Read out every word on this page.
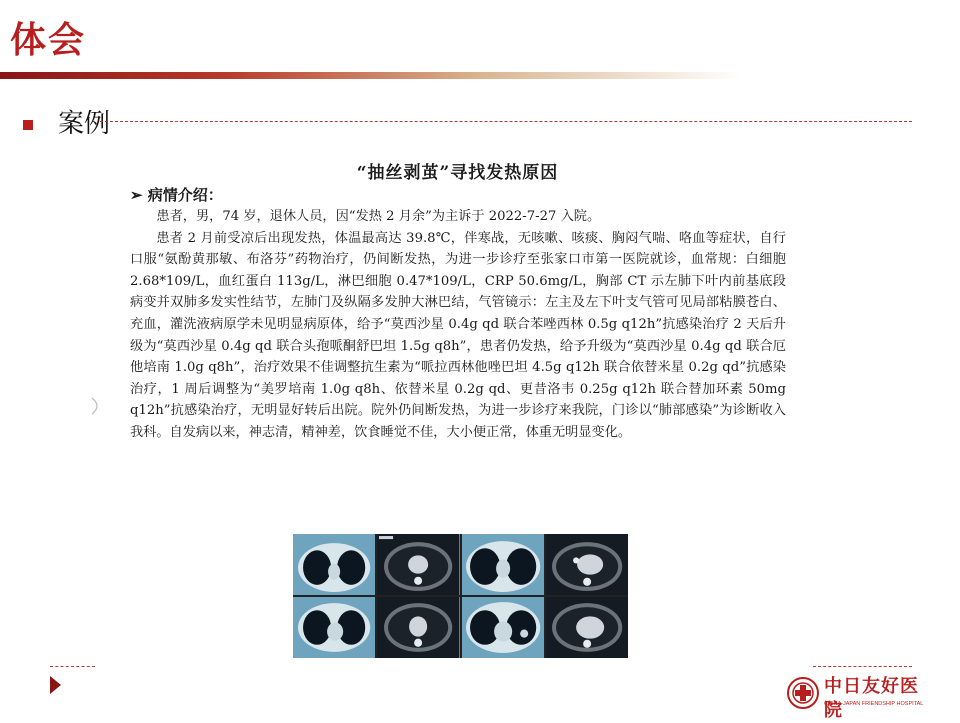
体会
案例
“抽丝剥茧”寻找发热原因
➢ 病情介绍：

患者，男，74 岁，退休人员，因“发热 2 月余”为主诉于 2022-7-27 入院。

患者 2 月前受凉后出现发热，体温最高达 39.8℃，伴寒战，无咳嗽、咳痰、胸闷气喘、咯血等症状，自行口服“氨酚黄那敏、布洛芬”药物治疗，仍间断发热，为进一步诊疗至张家口市第一医院就诊，血常规：白细胞 2.68*109/L，血红蛋白 113g/L，淋巴细胞 0.47*109/L，CRP 50.6mg/L，胸部 CT 示左肺下叶内前基底段病变并双肺多发实性结节，左肺门及纵隔多发肿大淋巴结，气管镜示：左主及左下叶支气管可见局部粘膜苍白、充血，灌洗液病原学未见明显病原体，给予“莫西沙星 0.4g qd 联合苯唑西林 0.5g q12h”抗感染治疗 2 天后升级为“莫西沙星 0.4g qd 联合头孢哌酮舒巴坦 1.5g q8h”，患者仍发热，给予升级为“莫西沙星 0.4g qd 联合厄他培南 1.0g q8h”，治疗效果不佳调整抗生素为“哌拉西林他唑巴坦 4.5g q12h 联合依替米星 0.2g qd”抗感染治疗，1 周后调整为“美罗培南 1.0g q8h、依替米星 0.2g qd、更昔洛韦 0.25g q12h 联合替加环素 50mg q12h”抗感染治疗，无明显好转后出院。院外仍间断发热，为进一步诊疗来我院，门诊以“肺部感染”为诊断收入我科。自发病以来，神志清，精神差，饮食睡觉不佳，大小便正常，体重无明显变化。

中日友好医院
CHINA-JAPAN FRIENDSHIP HOSPITAL
